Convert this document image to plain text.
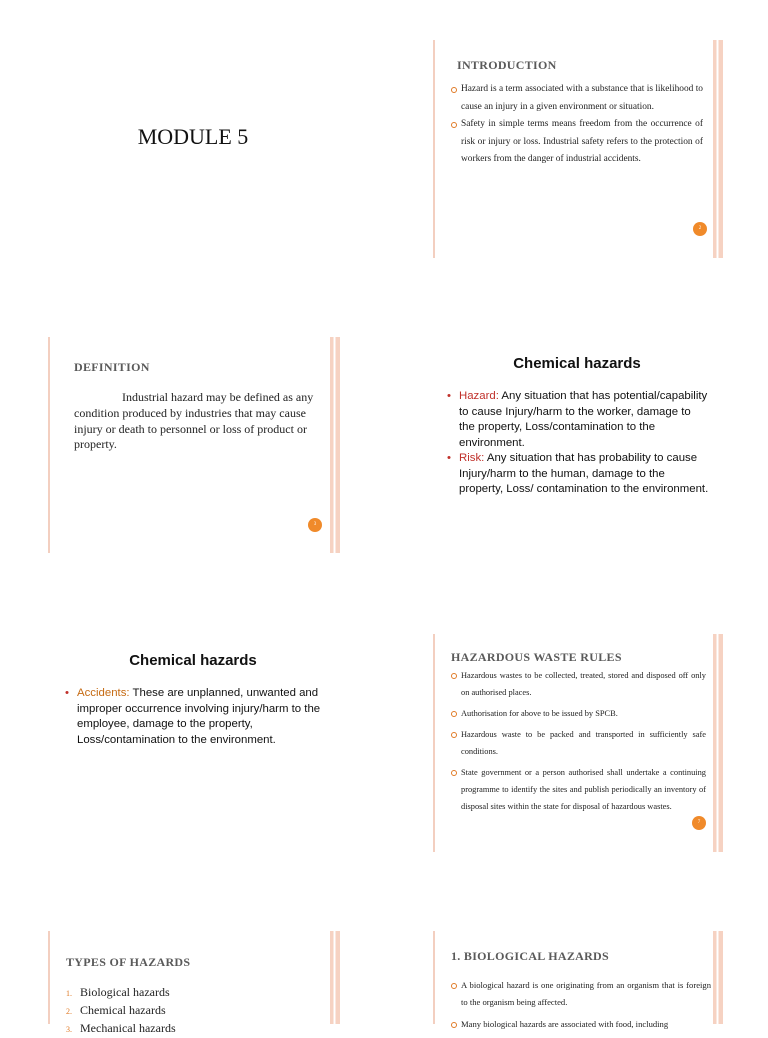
MODULE 5
INTRODUCTION
Hazard is a term associated with a substance that is likelihood to cause an injury in a given environment or situation.
Safety in simple terms means freedom from the occurrence of risk or injury or loss. Industrial safety refers to the protection of workers from the danger of industrial accidents.
2
DEFINITION

Industrial hazard may be defined as any condition produced by industries that may cause injury or death to personnel or loss of product or property.

3
Chemical hazards
• Hazard: Any situation that has potential/capability to cause Injury/harm to the worker, damage to the property, Loss/contamination to the environment.
• Risk: Any situation that has probability to cause Injury/harm to the human, damage to the property, Loss/ contamination to the environment.
Chemical hazards
• Accidents: These are unplanned, unwanted and improper occurrence involving injury/harm to the employee, damage to the property, Loss/contamination to the environment.
HAZARDOUS WASTE RULES
Hazardous wastes to be collected, treated, stored and disposed off only on authorised places.
Authorisation for above to be issued by SPCB.
Hazardous waste to be packed and transported in sufficiently safe conditions.
State government or a person authorised shall undertake a continuing programme to identify the sites and publish periodically an inventory of disposal sites within the state for disposal of hazardous wastes.
7
TYPES OF HAZARDS
1. Biological hazards
2. Chemical hazards
3. Mechanical hazards
1. BIOLOGICAL HAZARDS
A biological hazard is one originating from an organism that is foreign to the organism being affected.
Many biological hazards are associated with food, including
